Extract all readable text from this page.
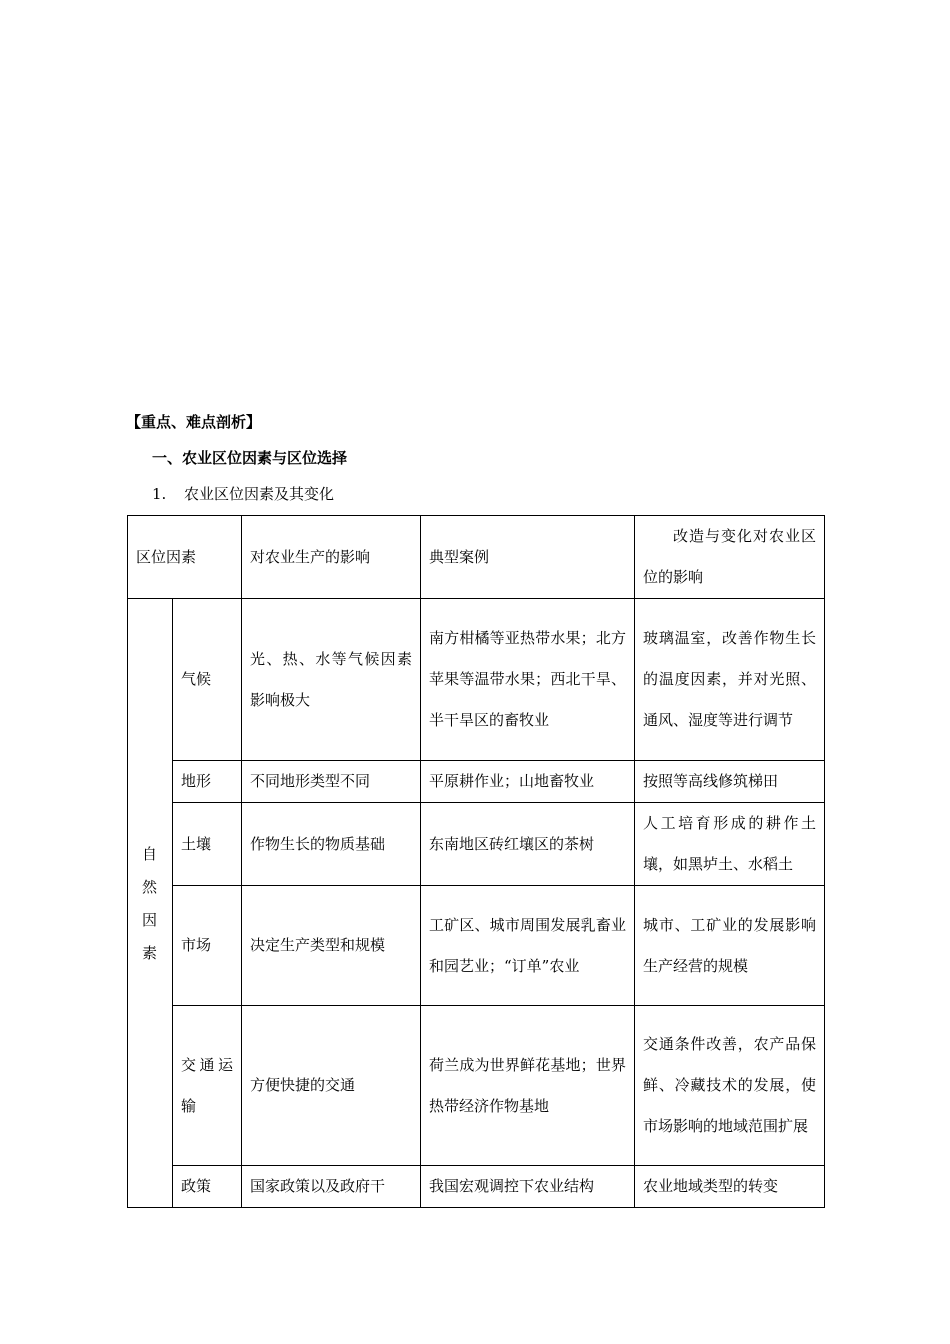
【重点、难点剖析】
一、农业区位因素与区位选择
1. 农业区位因素及其变化
区位因素		对农业生产的影响	典型案例	改造与变化对农业区位的影响

自然因素	气候	光、热、水等气候因素影响极大	南方柑橘等亚热带水果；北方苹果等温带水果；西北干旱、半干旱区的畜牧业	玻璃温室，改善作物生长的温度因素，并对光照、通风、湿度等进行调节
	地形	不同地形类型不同	平原耕作业；山地畜牧业	按照等高线修筑梯田
	土壤	作物生长的物质基础	东南地区砖红壤区的茶树	人工培育形成的耕作土壤，如黑垆土、水稻土
	市场	决定生产类型和规模	工矿区、城市周围发展乳畜业和园艺业；“订单”农业	城市、工矿业的发展影响生产经营的规模
	交通运输	方便快捷的交通	荷兰成为世界鲜花基地；世界热带经济作物基地	交通条件改善，农产品保鲜、冷藏技术的发展，使市场影响的地域范围扩展
	政策	国家政策以及政府干	我国宏观调控下农业结构	农业地域类型的转变
